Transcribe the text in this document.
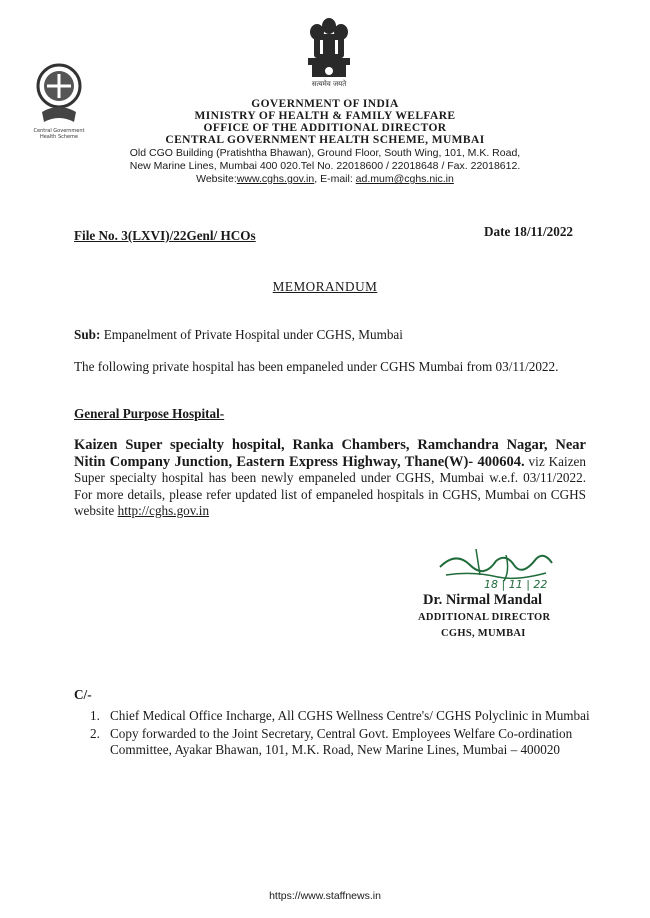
सत्यमेव जयते
Central Government Health Scheme
GOVERNMENT OF INDIA
MINISTRY OF HEALTH & FAMILY WELFARE
OFFICE OF THE ADDITIONAL DIRECTOR
CENTRAL GOVERNMENT HEALTH SCHEME, MUMBAI
Old CGO Building (Pratishtha Bhawan), Ground Floor, South Wing, 101, M.K. Road,
New Marine Lines, Mumbai 400 020.Tel No. 22018600 / 22018648 / Fax. 22018612.
Website:www.cghs.gov.in, E-mail: ad.mum@cghs.nic.in
File No. 3(LXVI)/22Genl/ HCOs	Date 18/11/2022
MEMORANDUM
Sub: Empanelment of Private Hospital under CGHS, Mumbai
The following private hospital has been empaneled under CGHS Mumbai from 03/11/2022.
General Purpose Hospital-
Kaizen Super specialty hospital, Ranka Chambers, Ramchandra Nagar, Near Nitin Company Junction, Eastern Express Highway, Thane(W)- 400604. viz Kaizen Super specialty hospital has been newly empaneled under CGHS, Mumbai w.e.f. 03/11/2022. For more details, please refer updated list of empaneled hospitals in CGHS, Mumbai on CGHS website http://cghs.gov.in
18 | 11 | 22
Dr. Nirmal Mandal
ADDITIONAL DIRECTOR
CGHS, MUMBAI
C/-
1. Chief Medical Office Incharge, All CGHS Wellness Centre's/ CGHS Polyclinic in Mumbai
2. Copy forwarded to the Joint Secretary, Central Govt. Employees Welfare Co-ordination Committee, Ayakar Bhawan, 101, M.K. Road, New Marine Lines, Mumbai – 400020
https://www.staffnews.in
